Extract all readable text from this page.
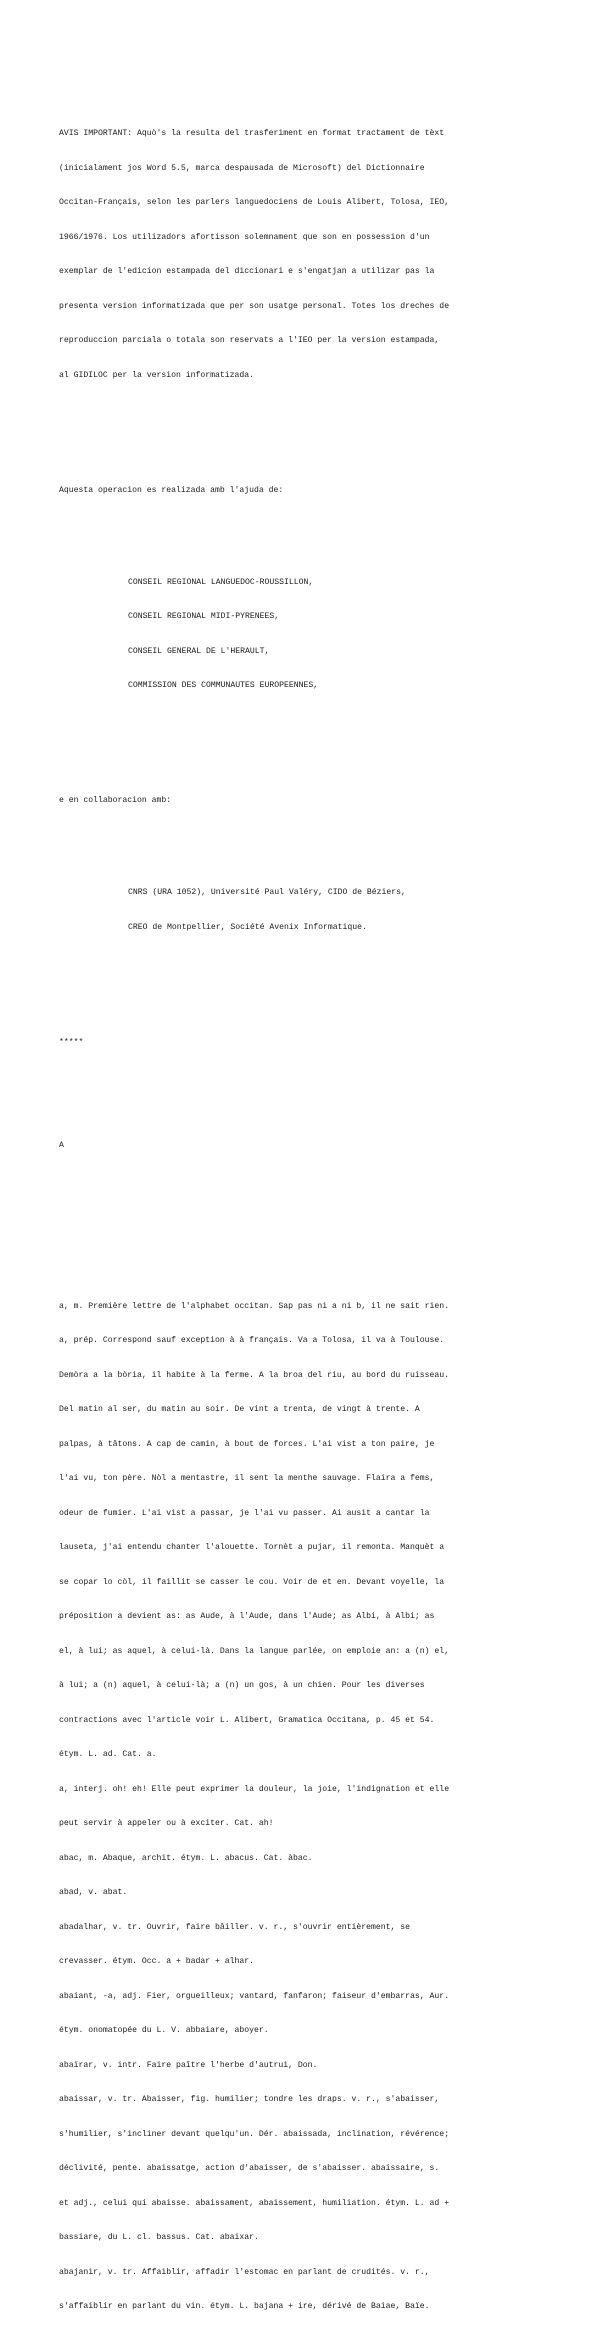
AVIS IMPORTANT: Aquò's la resulta del trasferiment en format tractament de tèxt

(inicialament jos Word 5.5, marca despausada de Microsoft) del Dictionnaire

Occitan-Français, selon les parlers languedociens de Louis Alibert, Tolosa, IEO,

1966/1976. Los utilizadors afortisson solemnament que son en possession d'un

exemplar de l'edicion estampada del diccionari e s'engatjan a utilizar pas la

presenta version informatizada que per son usatge personal. Totes los dreches de

reproduccion parciala o totala son reservats a l'IEO per la version estampada,

al GIDILOC per la version informatizada.

Aquesta operacion es realizada amb l'ajuda de:

CONSEIL REGIONAL LANGUEDOC-ROUSSILLON,

CONSEIL REGIONAL MIDI-PYRENEES,

CONSEIL GENERAL DE L'HERAULT,

COMMISSION DES COMMUNAUTES EUROPEENNES,

e en collaboracion amb:

CNRS (URA 1052), Université Paul Valéry, CIDO de Béziers,

CREO de Montpellier, Société Avenix Informatique.

*****

A

a, m. Première lettre de l'alphabet occitan. Sap pas ni a ni b, il ne sait rien.

a, prép. Correspond sauf exception à à français. Va a Tolosa, il va à Toulouse.

Demòra a la bòria, il habite à la ferme. A la broa del riu, au bord du ruisseau.

Del matin al ser, du matin au soir. De vint a trenta, de vingt à trente. A

palpas, à tâtons. A cap de camin, à bout de forces. L'ai vist a ton paire, je

l'ai vu, ton père. Nòl a mentastre, il sent la menthe sauvage. Flaira a fems,

odeur de fumier. L'ai vist a passar, je l'ai vu passer. Ai ausit a cantar la

lauseta, j'ai entendu chanter l'alouette. Tornèt a pujar, il remonta. Manquèt a

se copar lo còl, il faillit se casser le cou. Voir de et en. Devant voyelle, la

préposition a devient as: as Aude, à l'Aude, dans l'Aude; as Albi, à Albi; as

el, à lui; as aquel, à celui-là. Dans la langue parlée, on emploie an: a (n) el,

à lui; a (n) aquel, à celui-là; a (n) un gos, à un chien. Pour les diverses

contractions avec l'article voir L. Alibert, Gramatica Occitana, p. 45 et 54.

étym. L. ad. Cat. a.

a, interj. oh! eh! Elle peut exprimer la douleur, la joie, l'indignation et elle

peut servir à appeler ou à exciter. Cat. ah!

abac, m. Abaque, archit. étym. L. abacus. Cat. àbac.

abad, v. abat.

abadalhar, v. tr. Ouvrir, faire bâiller. v. r., s'ouvrir entièrement, se

crevasser. étym. Occ. a + badar + alhar.

abaiant, -a, adj. Fier, orgueilleux; vantard, fanfaron; faiseur d'embarras, Aur.

étym. onomatopée du L. V. abbaiare, aboyer.

abaïrar, v. intr. Faire paître l'herbe d'autrui, Don.

abaissar, v. tr. Abaisser, fig. humilier; tondre les draps. v. r., s'abaisser,

s'humilier, s'incliner devant quelqu'un. Dér. abaissada, inclination, révérence;

déclivité, pente. abaissatge, action d'abaisser, de s'abaisser. abaissaire, s.

et adj., celui qui abaisse. abaissament, abaissement, humiliation. étym. L. ad +

bassiare, du L. cl. bassus. Cat. abaixar.

abajanir, v. tr. Affaiblir, affadir l'estomac en parlant de crudités. v. r.,

s'affaiblir en parlant du vin. étym. L. bajana + ire, dérivé de Baiae, Baïe.
